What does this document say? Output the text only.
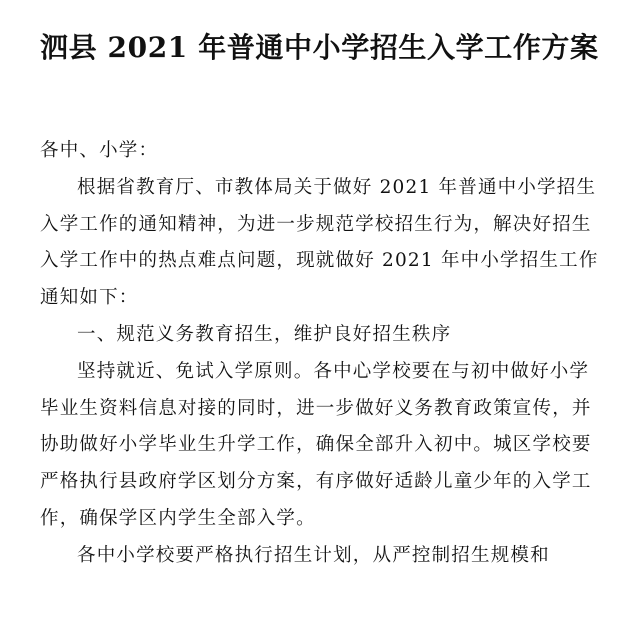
泗县 2021 年普通中小学招生入学工作方案

各中、小学：

根据省教育厅、市教体局关于做好 2021 年普通中小学招生入学工作的通知精神，为进一步规范学校招生行为，解决好招生入学工作中的热点难点问题，现就做好 2021 年中小学招生工作通知如下：

一、规范义务教育招生，维护良好招生秩序

坚持就近、免试入学原则。各中心学校要在与初中做好小学毕业生资料信息对接的同时，进一步做好义务教育政策宣传，并协助做好小学毕业生升学工作，确保全部升入初中。城区学校要严格执行县政府学区划分方案，有序做好适龄儿童少年的入学工作，确保学区内学生全部入学。

各中小学校要严格执行招生计划，从严控制招生规模和
